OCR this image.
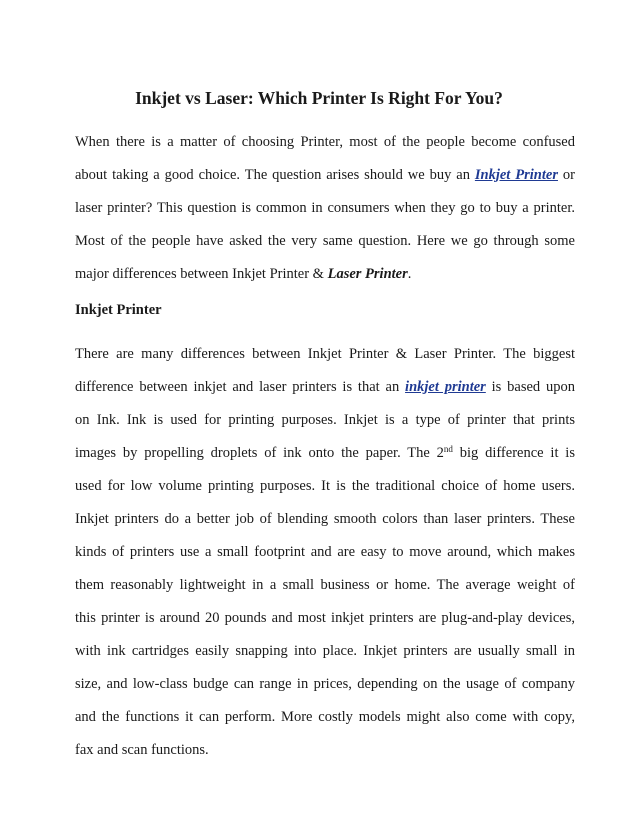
Inkjet vs Laser: Which Printer Is Right For You?

When there is a matter of choosing Printer, most of the people become confused
about taking a good choice. The question arises should we buy an Inkjet Printer or
laser printer? This question is common in consumers when they go to buy a printer.
Most of the people have asked the very same question. Here we go through some
major differences between Inkjet Printer & Laser Printer.

Inkjet Printer

There are many differences between Inkjet Printer & Laser Printer. The biggest
difference between inkjet and laser printers is that an inkjet printer is based upon
on Ink. Ink is used for printing purposes. Inkjet is a type of printer that prints
images by propelling droplets of ink onto the paper. The 2nd big difference it is
used for low volume printing purposes. It is the traditional choice of home users.
Inkjet printers do a better job of blending smooth colors than laser printers. These
kinds of printers use a small footprint and are easy to move around, which makes
them reasonably lightweight in a small business or home. The average weight of
this printer is around 20 pounds and most inkjet printers are plug-and-play devices,
with ink cartridges easily snapping into place. Inkjet printers are usually small in
size, and low-class budge can range in prices, depending on the usage of company
and the functions it can perform. More costly models might also come with copy,
fax and scan functions.
